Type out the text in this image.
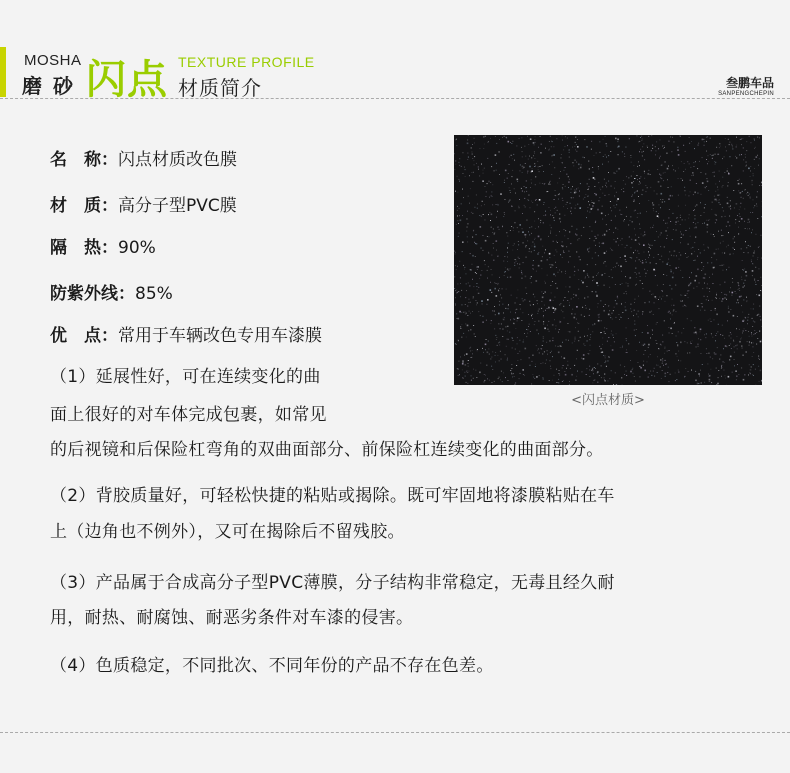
MOSHA
磨 砂 闪点 TEXTURE PROFILE
材质简介	叁鹏车品
SANPENGCHEPIN
名　称：闪点材质改色膜
材　质：高分子型PVC膜
隔　热：90%
防紫外线：85%
优　点：常用于车辆改色专用车漆膜
（1）延展性好，可在连续变化的曲
面上很好的对车体完成包裹，如常见
的后视镜和后保险杠弯角的双曲面部分、前保险杠连续变化的曲面部分。
（2）背胶质量好，可轻松快捷的粘贴或揭除。既可牢固地将漆膜粘贴在车
上（边角也不例外），又可在揭除后不留残胶。
（3）产品属于合成高分子型PVC薄膜，分子结构非常稳定，无毒且经久耐
用，耐热、耐腐蚀、耐恶劣条件对车漆的侵害。
（4）色质稳定，不同批次、不同年份的产品不存在色差。
<闪点材质>
